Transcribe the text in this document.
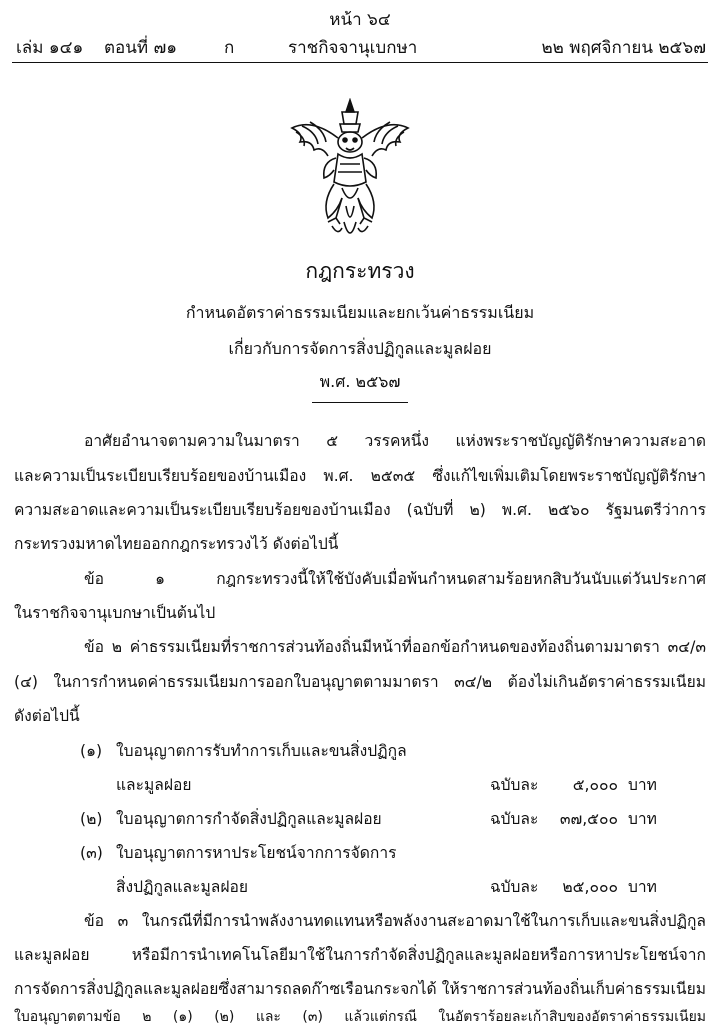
หน้า ๖๔
เล่ม ๑๔๑ ตอนที่ ๗๑	ก	ราชกิจจานุเบกษา	๒๒ พฤศจิกายน ๒๕๖๗
กฎกระทรวง
กำหนดอัตราค่าธรรมเนียมและยกเว้นค่าธรรมเนียม
เกี่ยวกับการจัดการสิ่งปฏิกูลและมูลฝอย
พ.ศ. ๒๕๖๗
อาศัยอำนาจตามความในมาตรา ๕ วรรคหนึ่ง แห่งพระราชบัญญัติรักษาความสะอาด
และความเป็นระเบียบเรียบร้อยของบ้านเมือง พ.ศ. ๒๕๓๕ ซึ่งแก้ไขเพิ่มเติมโดยพระราชบัญญัติรักษา
ความสะอาดและความเป็นระเบียบเรียบร้อยของบ้านเมือง (ฉบับที่ ๒) พ.ศ. ๒๕๖๐ รัฐมนตรีว่าการ
กระทรวงมหาดไทยออกกฎกระทรวงไว้ ดังต่อไปนี้
ข้อ ๑ กฎกระทรวงนี้ให้ใช้บังคับเมื่อพ้นกำหนดสามร้อยหกสิบวันนับแต่วันประกาศ
ในราชกิจจานุเบกษาเป็นต้นไป
ข้อ ๒ ค่าธรรมเนียมที่ราชการส่วนท้องถิ่นมีหน้าที่ออกข้อกำหนดของท้องถิ่นตามมาตรา ๓๔/๓
(๔) ในการกำหนดค่าธรรมเนียมการออกใบอนุญาตตามมาตรา ๓๔/๒ ต้องไม่เกินอัตราค่าธรรมเนียม
ดังต่อไปนี้
(๑) ใบอนุญาตการรับทำการเก็บและขนสิ่งปฏิกูล
และมูลฝอย	ฉบับละ	๕,๐๐๐ บาท
(๒) ใบอนุญาตการกำจัดสิ่งปฏิกูลและมูลฝอย	ฉบับละ	๓๗,๕๐๐ บาท
(๓) ใบอนุญาตการหาประโยชน์จากการจัดการ
สิ่งปฏิกูลและมูลฝอย	ฉบับละ	๒๕,๐๐๐ บาท
ข้อ ๓ ในกรณีที่มีการนำพลังงานทดแทนหรือพลังงานสะอาดมาใช้ในการเก็บและขนสิ่งปฏิกูล
และมูลฝอย หรือมีการนำเทคโนโลยีมาใช้ในการกำจัดสิ่งปฏิกูลและมูลฝอยหรือการหาประโยชน์จาก
การจัดการสิ่งปฏิกูลและมูลฝอยซึ่งสามารถลดก๊าซเรือนกระจกได้ ให้ราชการส่วนท้องถิ่นเก็บค่าธรรมเนียม
ใบอนุญาตตามข้อ ๒ (๑) (๒) และ (๓) แล้วแต่กรณี ในอัตราร้อยละเก้าสิบของอัตราค่าธรรมเนียม
